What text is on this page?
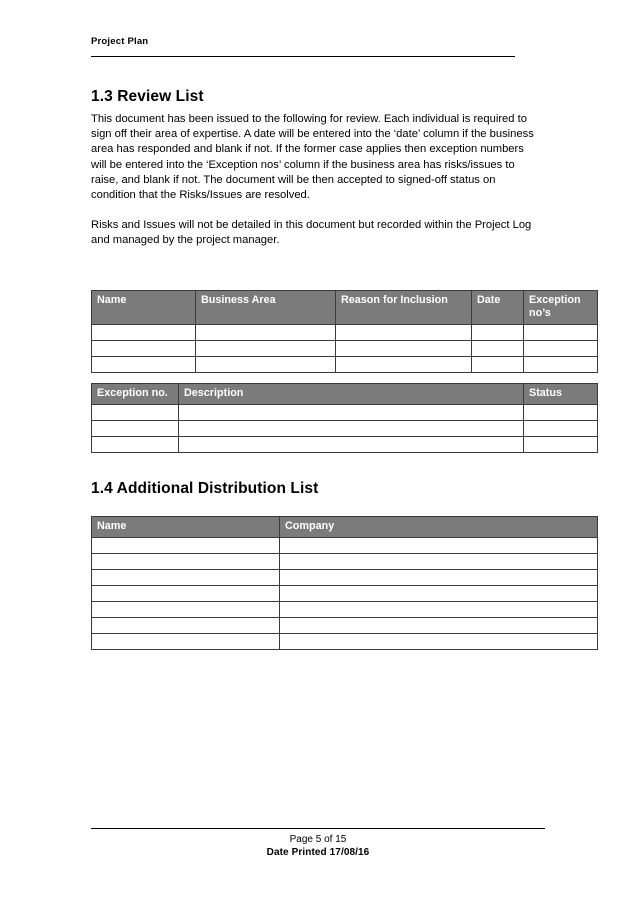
Project Plan
1.3 Review List

This document has been issued to the following for review. Each individual is required to sign off their area of expertise. A date will be entered into the ‘date’ column if the business area has responded and blank if not. If the former case applies then exception numbers will be entered into the ‘Exception nos’ column if the business area has risks/issues to raise, and blank if not. The document will be then accepted to signed-off status on condition that the Risks/Issues are resolved.

Risks and Issues will not be detailed in this document but recorded within the Project Log and managed by the project manager.

Name	Business Area	Reason for Inclusion	Date	Exception no’s

Exception no.	Description	Status

1.4 Additional Distribution List
Name	Company

Page 5 of 15
Date Printed 17/08/16
